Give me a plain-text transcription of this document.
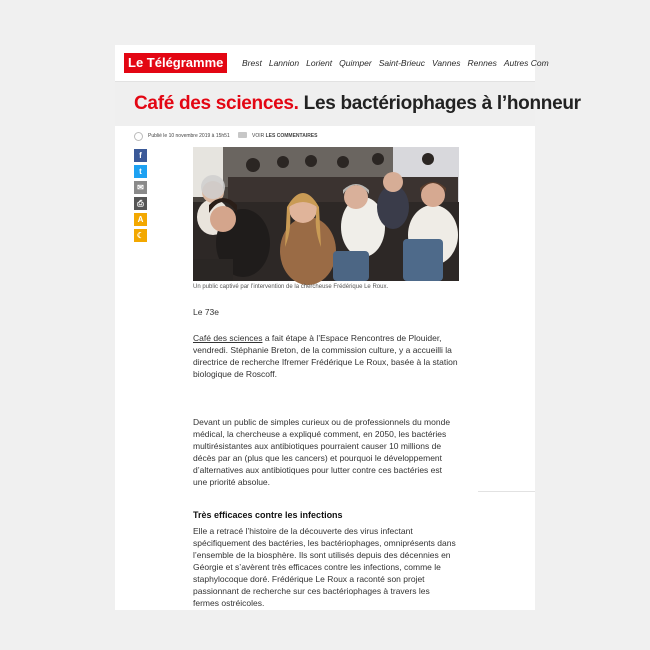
Le Télégramme	Brest Lannion Lorient Quimper Saint-Brieuc Vannes Rennes Autres Com
Café des sciences. Les bactériophages à l’honneur
Publié le 10 novembre 2019 à 15h51	VOIR LES COMMENTAIRES
f
t
✉
⎙
A
☾
Un public captivé par l’intervention de la chercheuse Frédérique Le Roux.

Le 73e

Café des sciences a fait étape à l’Espace Rencontres de Plouider, vendredi. Stéphanie Breton, de la commission culture, y a accueilli la directrice de recherche Ifremer Frédérique Le Roux, basée à la station biologique de Roscoff.

Devant un public de simples curieux ou de professionnels du monde médical, la chercheuse a expliqué comment, en 2050, les bactéries multirésistantes aux antibiotiques pourraient causer 10 millions de décès par an (plus que les cancers) et pourquoi le développement d’alternatives aux antibiotiques pour lutter contre ces bactéries est une priorité absolue.

Très efficaces contre les infections

Elle a retracé l’histoire de la découverte des virus infectant spécifiquement des bactéries, les bactériophages, omniprésents dans l’ensemble de la biosphère. Ils sont utilisés depuis des décennies en Géorgie et s’avèrent très efficaces contre les infections, comme le staphylocoque doré. Frédérique Le Roux a raconté son projet passionnant de recherche sur ces bactériophages à travers les fermes ostréicoles.
